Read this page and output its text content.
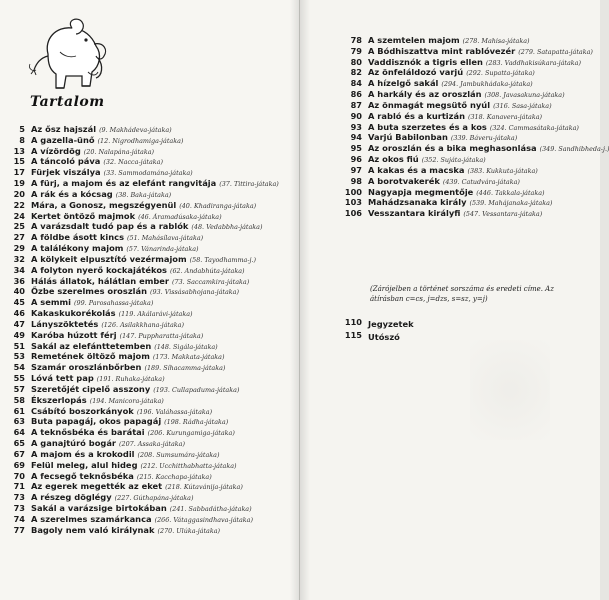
Tartalom
5 Az ősz hajszál (9. Makhádeva-játaka)
8 A gazella-ünő (12. Nigrodhamiga-játaka)
13 A vízördög (20. Nalapána-játaka)
15 A táncoló páva (32. Nacca-játaka)
17 Fürjek viszálya (33. Sammodamána-játaka)
19 A fürj, a majom és az elefánt rangvitája (37. Tittira-játaka)
20 A rák és a kócsag (38. Baka-játaka)
22 Mára, a Gonosz, megszégyenül (40. Khadiranga-játaka)
24 Kertet öntöző majmok (46. Áramadúsaka-játaka)
25 A varázsdalt tudó pap és a rablók (48. Vedabbha-játaka)
27 A földbe ásott kincs (51. Mahásílava-játaka)
29 A találékony majom (57. Vánarinda-játaka)
32 A kölykeit elpusztító vezérmajom (58. Tayodhamma-j.)
34 A folyton nyerő kockajátékos (62. Andabhúta-játaka)
36 Hálás állatok, hálátlan ember (73. Saccamkira-játaka)
40 Őzbe szerelmes oroszlán (93. Vissásabhojana-játaka)
45 A semmi (99. Parosahassa-játaka)
46 Kakaskukorékolás (119. Akálarávi-játaka)
47 Lányszöktetés (126. Asilakkhana-játaka)
49 Karóba húzott férj (147. Puppharatta-játaka)
51 Sakál az elefánttetemben (148. Sigála-játaka)
53 Remetének öltöző majom (173. Makkata-játaka)
54 Szamár oroszlánbőrben (189. Síhacamma-játaka)
55 Lóvá tett pap (191. Ruhaka-játaka)
57 Szeretőjét cipelő asszony (193. Cullapaduma-játaka)
58 Ékszerlopás (194. Manicora-játaka)
61 Csábító boszorkányok (196. Valáhassa-játaka)
63 Buta papagáj, okos papagáj (198. Rádha-játaka)
64 A teknősbéka és barátai (206. Kurungamiga-játaka)
65 A ganajtúró bogár (207. Assaka-játaka)
67 A majom és a krokodil (208. Sumsumára-játaka)
69 Felül meleg, alul hideg (212. Ucchitthabhatta-játaka)
70 A fecsegő teknősbéka (215. Kacchapa-játaka)
71 Az egerek megették az eket (218. Kútavánija-játaka)
73 A részeg döglégy (227. Gúthapána-játaka)
73 Sakál a varázsige birtokában (241. Sabbadátha-játaka)
74 A szerelmes szamárkanca (266. Vátaggasindhava-játaka)
77 Bagoly nem való királynak (270. Ulúka-játaka)
78 A szemtelen majom (278. Mahisa-játaka)
79 A Bódhiszattva mint rablóvezér (279. Satapatta-játaka)
80 Vaddisznók a tigris ellen (283. Vaddhakisúkara-játaka)
82 Az önfeláldozó varjú (292. Supatta-játaka)
84 A hízelgő sakál (294. Jambukhádaka-játaka)
86 A harkály és az oroszlán (308. Javasakuna-játaka)
87 Az önmagát megsütő nyúl (316. Sasa-játaka)
90 A rabló és a kurtizán (318. Kanavera-játaka)
93 A buta szerzetes és a kos (324. Cammasátaka-játaka)
94 Varjú Babilonban (339. Báveru-játaka)
95 Az oroszlán és a bika meghasonlása (349. Sandhibheda-j.)
96 Az okos fiú (352. Sujáta-játaka)
97 A kakas és a macska (383. Kukkuta-játaka)
98 A borotvakerék (439. Catudvára-játaka)
100 Nagyapja megmentője (446. Takkala-játaka)
103 Mahádzsanaka király (539. Mahájanaka-játaka)
106 Vesszantara királyfi (547. Vessantara-játaka)
(Zárójelben a történet sorszáma és eredeti címe. Az átírásban c=cs, j=dzs, s=sz, y=j)
110 Jegyzetek
115 Utószó
